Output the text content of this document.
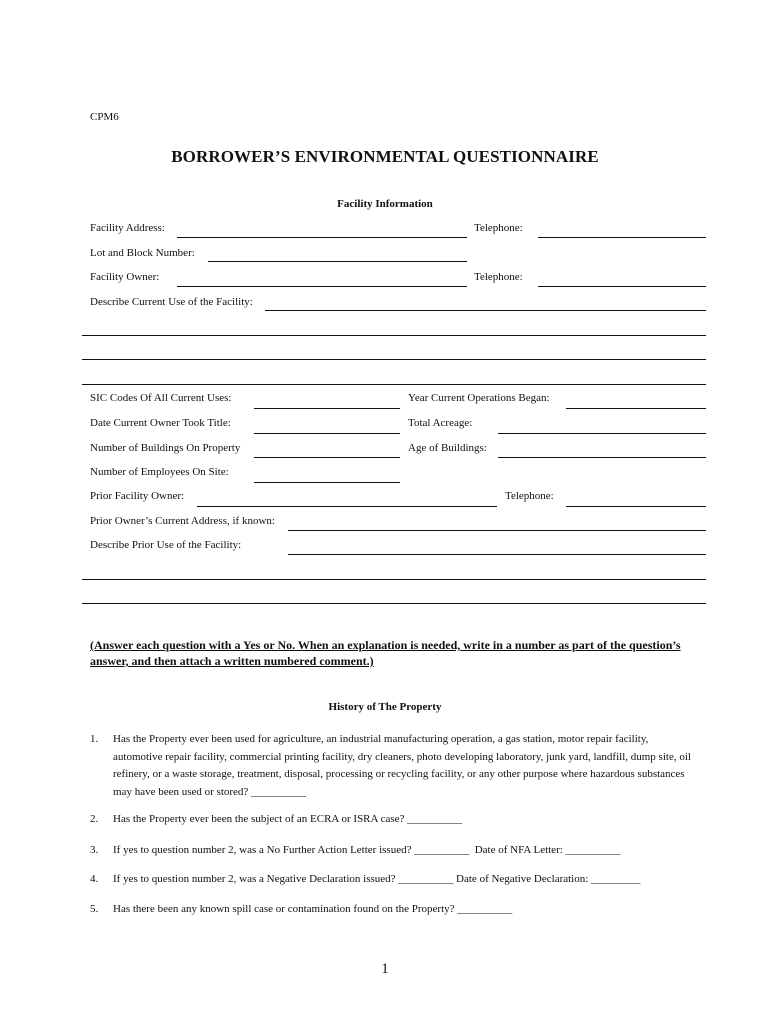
CPM6
BORROWER’S ENVIRONMENTAL QUESTIONNAIRE
Facility Information
Facility Address:	Telephone:
Lot and Block Number:
Facility Owner:	Telephone:
Describe Current Use of the Facility:
SIC Codes Of All Current Uses:	Year Current Operations Began:
Date Current Owner Took Title:	Total Acreage:
Number of Buildings On Property	Age of Buildings:
Number of Employees On Site:
Prior Facility Owner:	Telephone:
Prior Owner’s Current Address, if known:
Describe Prior Use of the Facility:
(Answer each question with a Yes or No. When an explanation is needed, write in a number as part of the question’s answer, and then attach a written numbered comment.)
History of The Property
1. Has the Property ever been used for agriculture, an industrial manufacturing operation, a gas station, motor repair facility, automotive repair facility, commercial printing facility, dry cleaners, photo developing laboratory, junk yard, landfill, dump site, oil refinery, or a waste storage, treatment, disposal, processing or recycling facility, or any other purpose where hazardous substances may have been used or stored? __________
2. Has the Property ever been the subject of an ECRA or ISRA case? __________
3. If yes to question number 2, was a No Further Action Letter issued? __________  Date of NFA Letter: __________
4. If yes to question number 2, was a Negative Declaration issued? __________ Date of Negative Declaration: _________
5. Has there been any known spill case or contamination found on the Property? __________
1
